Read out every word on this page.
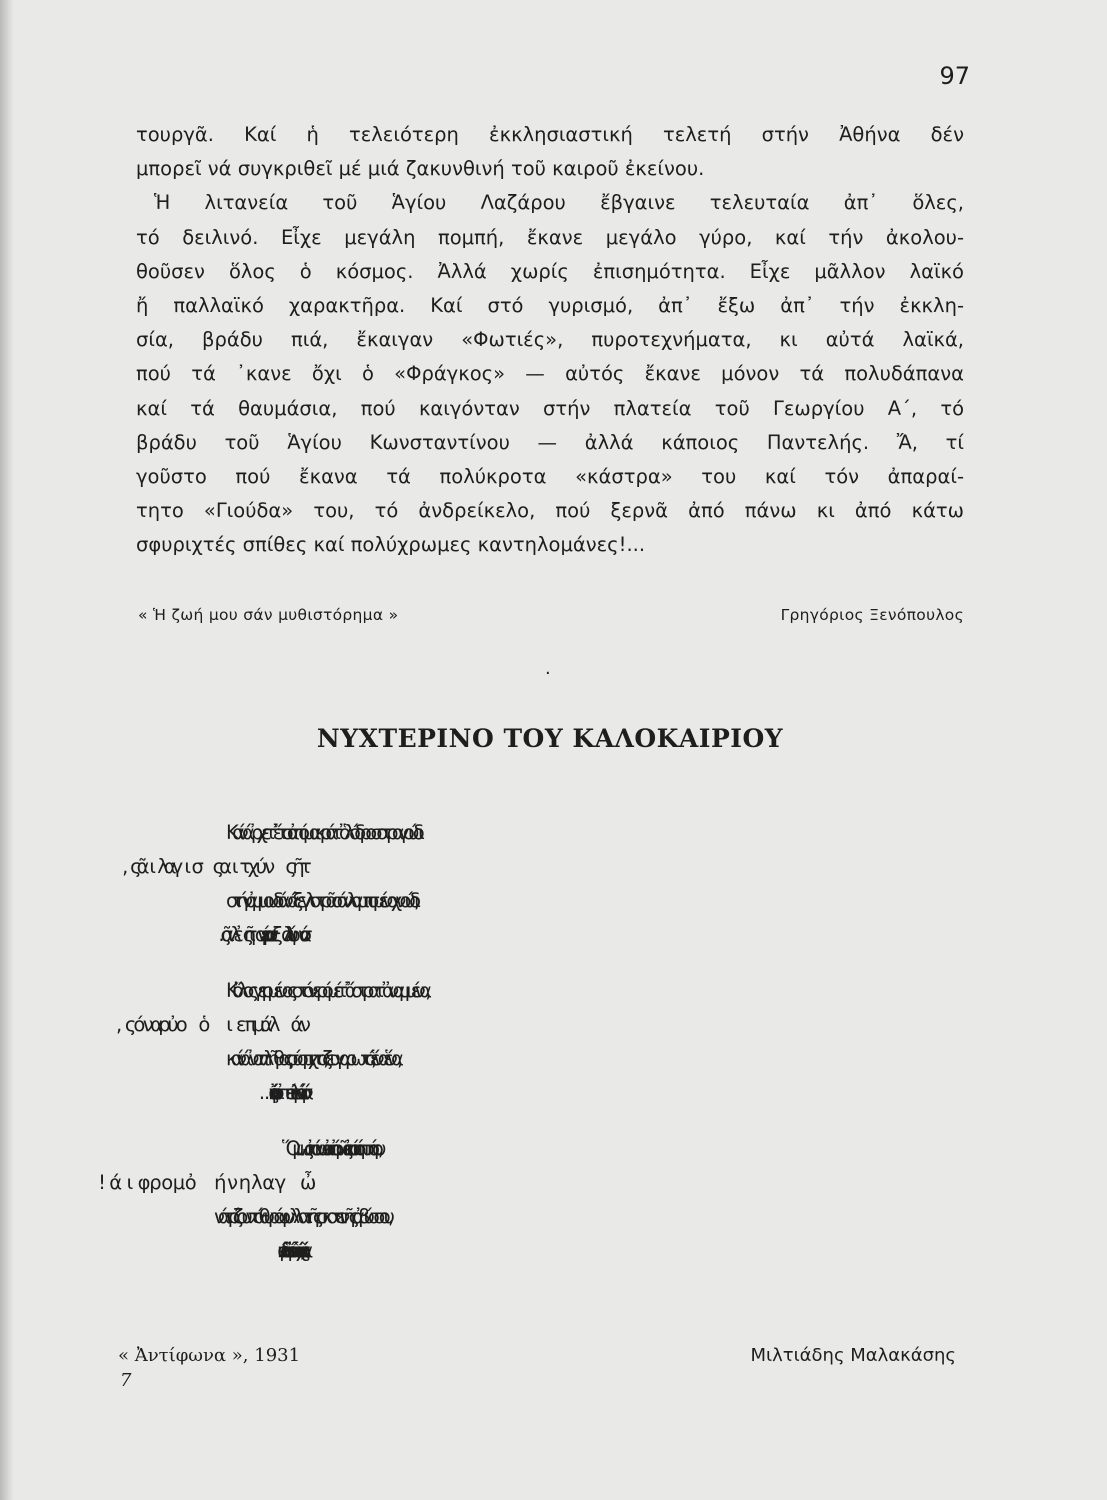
97
τουργᾶ. Καί ἡ τελειότερη ἐκκλησιαστική τελετή στήν Ἀθήνα δέν
μπορεῖ νά συγκριθεῖ μέ μιά ζακυνθινή τοῦ καιροῦ ἐκείνου.
Ἡ λιτανεία τοῦ Ἁγίου Λαζάρου ἔβγαινε τελευταία ἀπ᾿ ὅλες,
τό δειλινό. Εἶχε μεγάλη πομπή, ἔκανε μεγάλο γύρο, καί τήν ἀκολου-
θοῦσεν ὅλος ὁ κόσμος. Ἀλλά χωρίς ἐπισημότητα. Εἶχε μᾶλλον λαϊκό
ἤ παλλαϊκό χαρακτῆρα. Καί στό γυρισμό, ἀπ᾿ ἔξω ἀπ᾿ τήν ἐκκλη-
σία, βράδυ πιά, ἔκαιγαν «Φωτιές», πυροτεχνήματα, κι αὐτά λαϊκά,
πού τά ᾿κανε ὄχι ὁ «Φράγκος» — αὐτός ἔκανε μόνον τά πολυδάπανα
καί τά θαυμάσια, πού καιγόνταν στήν πλατεία τοῦ Γεωργίου Α΄, τό
βράδυ τοῦ Ἁγίου Κωνσταντίνου — ἀλλά κάποιος Παντελής. Ἄ, τί
γοῦστο πού ἔκανα τά πολύκροτα «κάστρα» του καί τόν ἀπαραί-
τητο «Γιούδα» του, τό ἀνδρείκελο, πού ξερνᾶ ἀπό πάνω κι ἀπό κάτω
σφυριχτές σπίθες καί πολύχρωμες καντηλομάνες!...
« Ἡ ζωή μου σάν μυθιστόρημα »	Γρηγόριος Ξενόπουλος
.
ΝΥΧΤΕΡΙΝΟ ΤΟΥ ΚΑΛΟΚΑΙΡΙΟΥ
Καί νά ᾿ρχετ᾿ ἔτσι ἀπό μακριά τ᾿ ὁλόδροσο τραγούδι
στήν ἀμμουδιά νά ξεγλιστρᾶ σάν λαμπισμένο χνούδι,
Κι ὅλος γειρμένος στό νερό μέ τ᾿ ἄστρα τ᾿ ἀναμμένα,
καί νά ᾿ναι πλῆθος, σύσμιχτα, ζευγαρωτά, ἕνα ἕνα,
Ὅμως ἀπάνω κι ἀπ᾿ τό φῶς κι ἀπό τή σιωπή σου,
νά τρίζουν τά θυρόφυλλα τῆς σκοτεινῆς ἀβύσσου,
« Ἀντίφωνα », 1931	Μιλτιάδης Μαλακάσης
7
